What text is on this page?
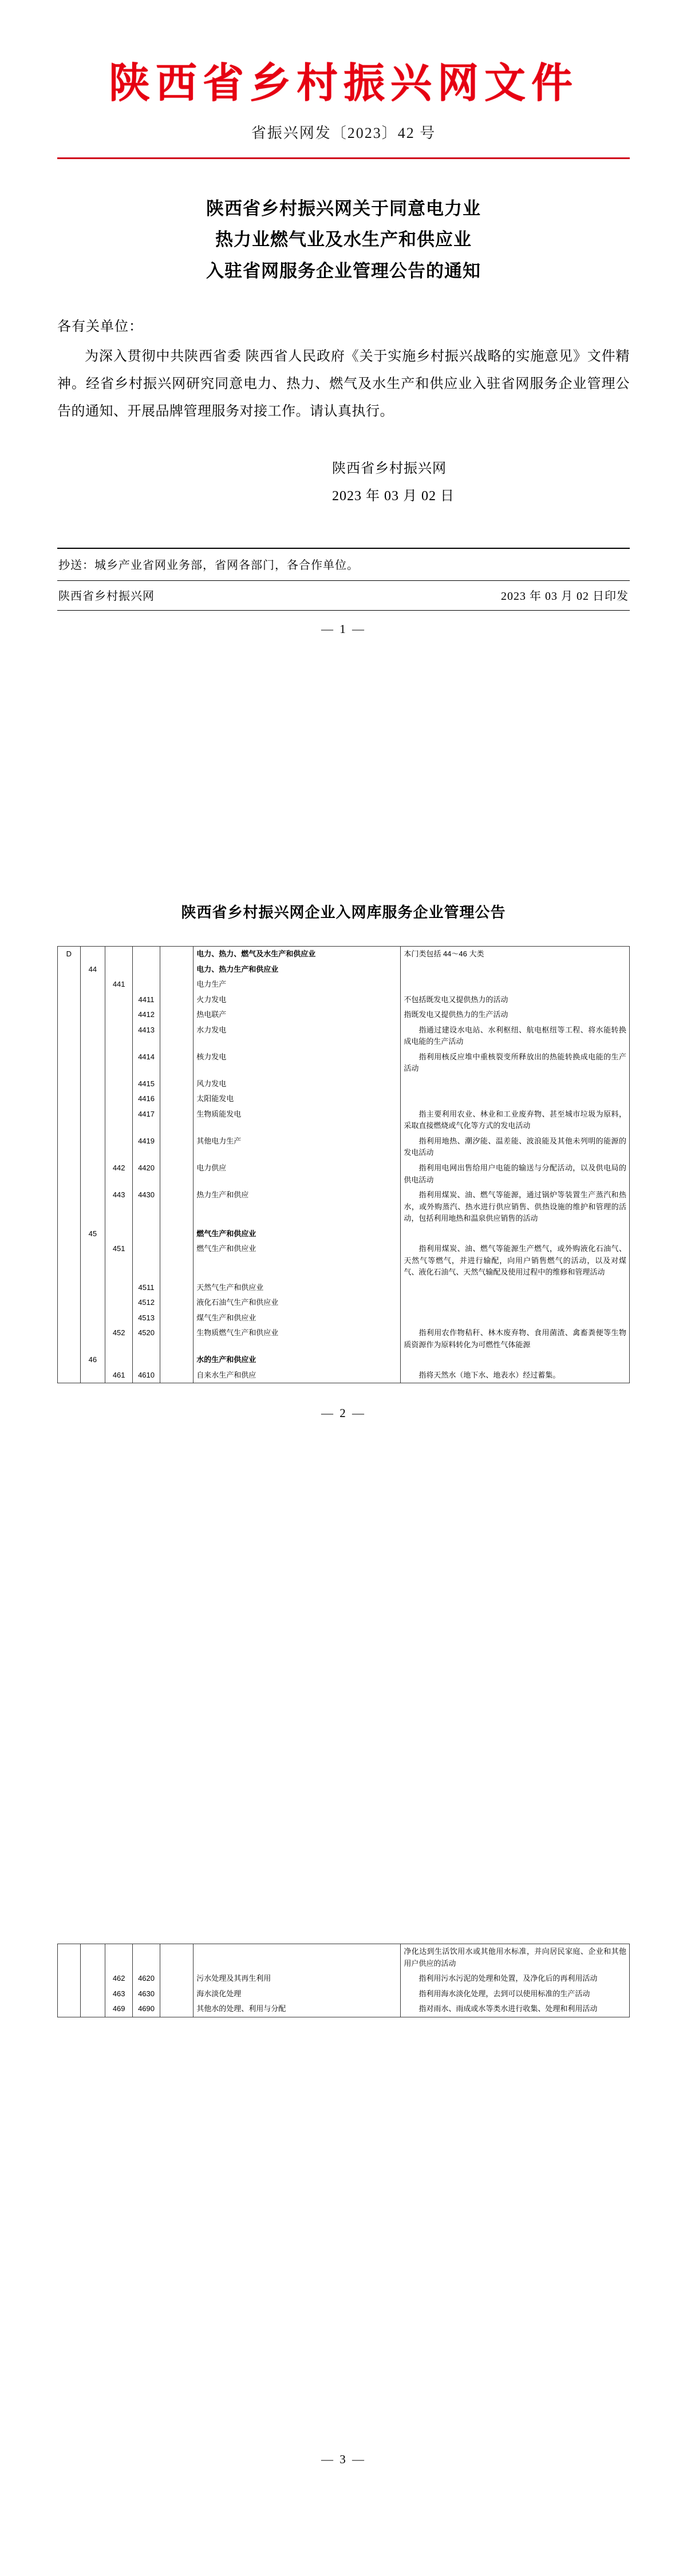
陕西省乡村振兴网文件
省振兴网发〔2023〕42 号
陕西省乡村振兴网关于同意电力业
热力业燃气业及水生产和供应业
入驻省网服务企业管理公告的通知
各有关单位：
为深入贯彻中共陕西省委 陕西省人民政府《关于实施乡村振兴战略的实施意见》文件精神。经省乡村振兴网研究同意电力、热力、燃气及水生产和供应业入驻省网服务企业管理公告的通知、开展品牌管理服务对接工作。请认真执行。
陕西省乡村振兴网
2023 年 03 月 02 日
抄送：城乡产业省网业务部，省网各部门，各合作单位。
陕西省乡村振兴网	2023 年 03 月 02 日印发
— 1 —
陕西省乡村振兴网企业入网库服务企业管理公告
D					电力、热力、燃气及水生产和供应业	本门类包括 44～46 大类
	44				电力、热力生产和供应业	
		441			电力生产	
			4411		火力发电	不包括既发电又提供热力的活动
			4412		热电联产	指既发电又提供热力的生产活动
			4413		水力发电	指通过建设水电站、水利枢纽、航电枢纽等工程、将水能转换成电能的生产活动
			4414		核力发电	指利用核反应堆中重核裂变所释放出的热能转换成电能的生产活动
			4415		风力发电	
			4416		太阳能发电	
			4417		生物质能发电	指主要利用农业、林业和工业废弃物、甚至城市垃圾为原料，采取直接燃烧或气化等方式的发电活动
			4419		其他电力生产	指利用地热、潮汐能、温差能、波浪能及其他未列明的能源的发电活动
		442	4420		电力供应	指利用电网出售给用户电能的输送与分配活动，以及供电局的供电活动
		443	4430		热力生产和供应	指利用煤炭、油、燃气等能源，通过锅炉等装置生产蒸汽和热水，或外购蒸汽、热水进行供应销售、供热设施的维护和管理的活动，包括利用地热和温泉供应销售的活动
	45				燃气生产和供应业	
		451			燃气生产和供应业	指利用煤炭、油、燃气等能源生产燃气，或外购液化石油气、天然气等燃气，并进行输配，向用户销售燃气的活动，以及对煤气、液化石油气、天然气输配及使用过程中的维修和管理活动
			4511		天然气生产和供应业	
			4512		液化石油气生产和供应业	
			4513		煤气生产和供应业	
		452	4520		生物质燃气生产和供应业	指利用农作物秸秆、林木废弃物、食用菌渣、禽畜粪便等生物质资源作为原料转化为可燃性气体能源
	46				水的生产和供应业	
		461	4610		自来水生产和供应	指将天然水（地下水、地表水）经过蓄集。
— 2 —
						净化达到生活饮用水或其他用水标准，并向居民家庭、企业和其他用户供应的活动
		462	4620		污水处理及其再生利用	指利用污水污泥的处理和处置，及净化后的再利用活动
		463	4630		海水淡化处理	指利用海水淡化处理，去到可以使用标准的生产活动
		469	4690		其他水的处理、利用与分配	指对雨水、雨成或水等类水进行收集、处理和利用活动
— 3 —
